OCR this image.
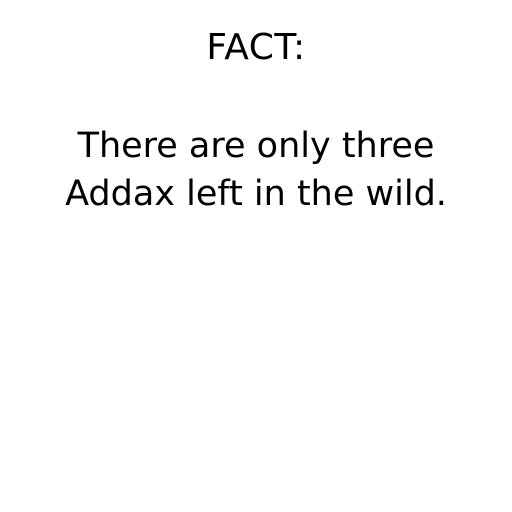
FACT:
There are only three
Addax left in the wild.
